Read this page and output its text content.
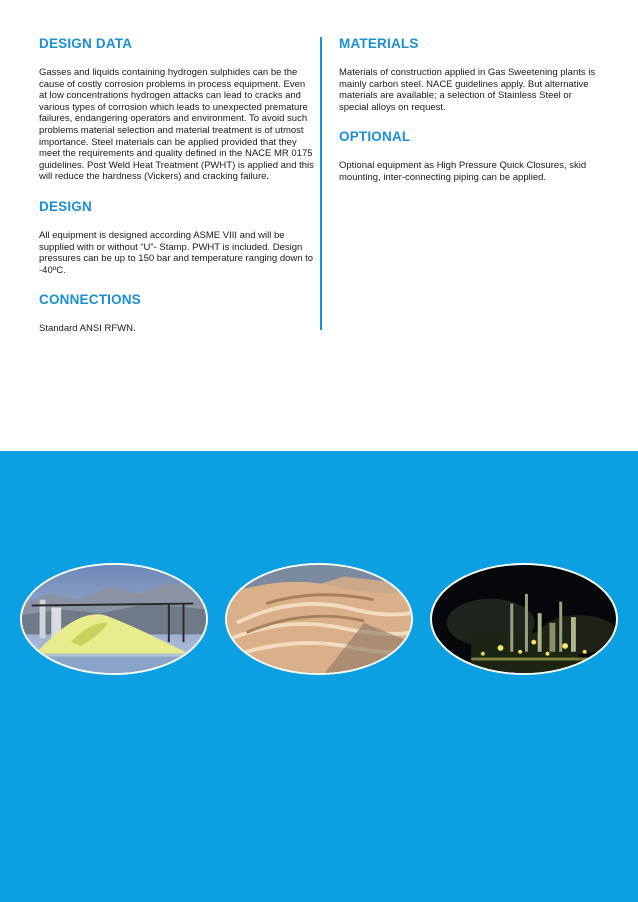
DESIGN DATA

Gasses and liquids containing hydrogen sulphides can be the cause of costly corrosion problems in process equipment. Even at low concentrations hydrogen attacks can lead to cracks and various types of corrosion which leads to unexpected premature failures, endangering operators and environment. To avoid such problems material selection and material treatment is of utmost importance. Steel materials can be applied provided that they meet the requirements and quality defined in the NACE MR 0175 guidelines. Post Weld Heat Treatment (PWHT) is applied and this will reduce the hardness (Vickers) and cracking failure.

DESIGN

All equipment is designed according ASME VIII and will be supplied with or without “U”- Stamp. PWHT is included. Design pressures can be up to 150 bar and temperature ranging down to -40ºC.

CONNECTIONS

Standard ANSI RFWN.

MATERIALS

Materials of construction applied in Gas Sweetening plants is mainly carbon steel. NACE guidelines apply. But alternative materials are available; a selection of Stainless Steel or special alloys on request.

OPTIONAL

Optional equipment as High Pressure Quick Closures, skid mounting, inter-connecting piping can be applied.
